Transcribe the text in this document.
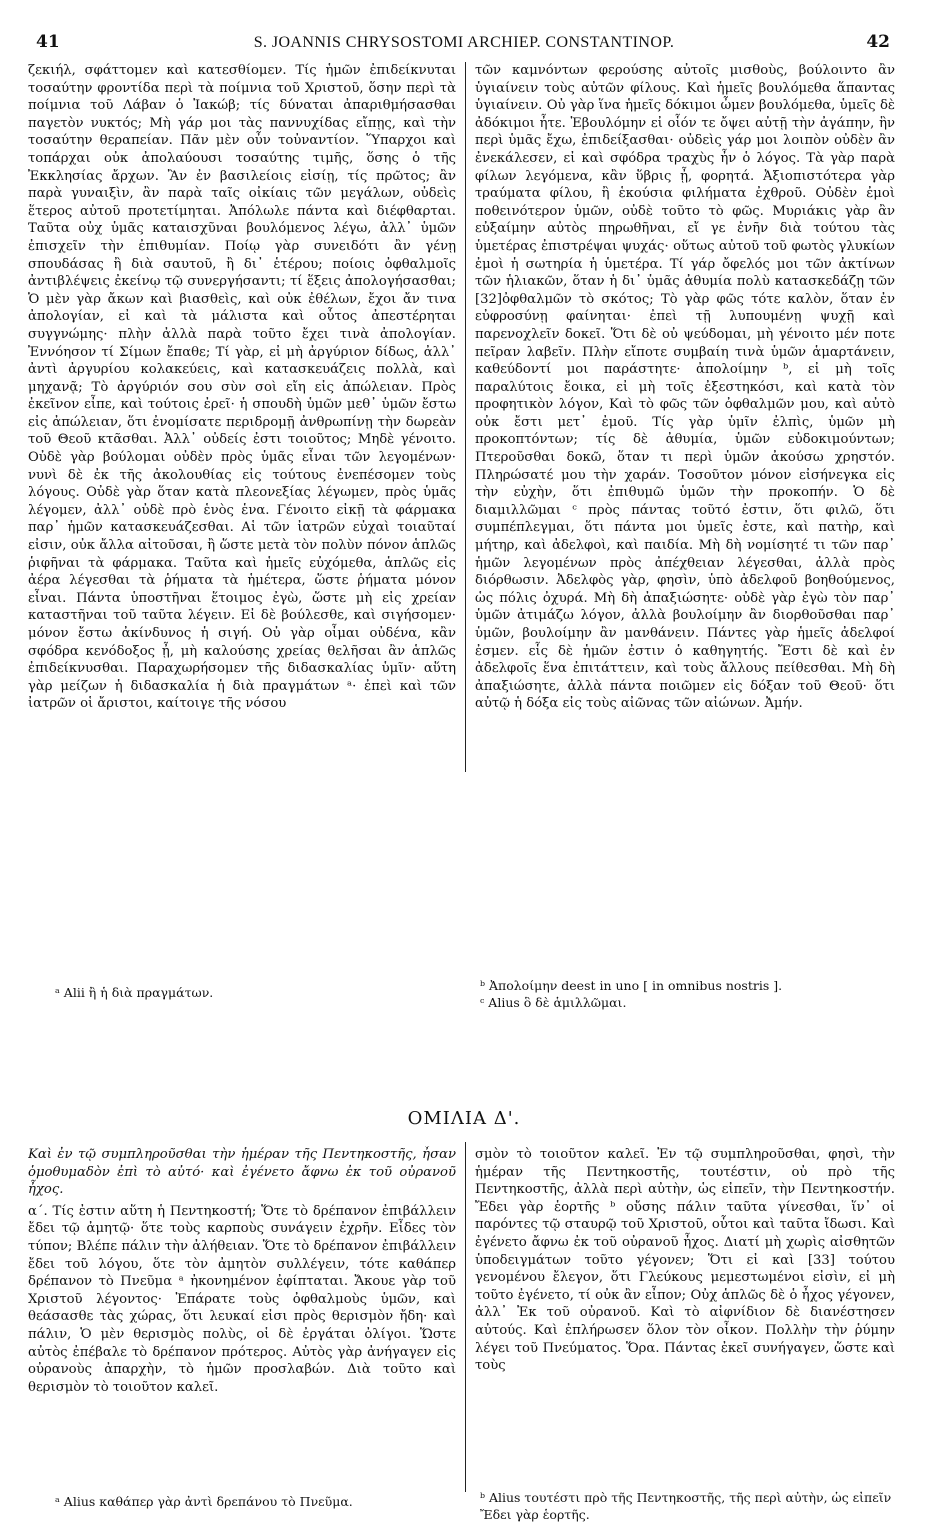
41	S. JOANNIS CHRYSOSTOMI ARCHIEP. CONSTANTINOP.	42

ζεκιήλ, σφάττομεν καὶ κατεσθίομεν. Τίς ἡμῶν ἐπιδείκνυται τοσαύτην φροντίδα περὶ τὰ ποίμνια τοῦ Χριστοῦ, ὅσην περὶ τὰ ποίμνια τοῦ Λάβαν ὁ Ἰακώβ; τίς δύναται ἀπαριθμήσασθαι παγετὸν νυκτός; Μὴ γάρ μοι τὰς παννυχίδας εἴπῃς, καὶ τὴν τοσαύτην θεραπείαν. Πᾶν μὲν οὖν τοὐναντίον. Ὕπαρχοι καὶ τοπάρχαι οὐκ ἀπολαύουσι τοσαύτης τιμῆς, ὅσης ὁ τῆς Ἐκκλησίας ἄρχων. Ἂν ἐν βασιλείοις εἰσίῃ, τίς πρῶτος; ἂν παρὰ γυναιξὶν, ἂν παρὰ ταῖς οἰκίαις τῶν μεγάλων, οὐδεὶς ἕτερος αὐτοῦ προτετίμηται. Ἀπόλωλε πάντα καὶ διέφθαρται. Ταῦτα οὐχ ὑμᾶς καταισχῦναι βουλόμενος λέγω, ἀλλ᾽ ὑμῶν ἐπισχεῖν τὴν ἐπιθυμίαν. Ποίῳ γὰρ συνειδότι ἂν γένῃ σπουδάσας ἢ διὰ σαυτοῦ, ἢ δι᾽ ἑτέρου; ποίοις ὀφθαλμοῖς ἀντιβλέψεις ἐκείνῳ τῷ συνεργήσαντι; τί ἕξεις ἀπολογήσασθαι; Ὁ μὲν γὰρ ἄκων καὶ βιασθεὶς, καὶ οὐκ ἐθέλων, ἔχοι ἄν τινα ἀπολογίαν, εἰ καὶ τὰ μάλιστα καὶ οὗτος ἀπεστέρηται συγγνώμης· πλὴν ἀλλὰ παρὰ τοῦτο ἔχει τινὰ ἀπολογίαν. Ἐννόησον τί Σίμων ἔπαθε; Τί γὰρ, εἰ μὴ ἀργύριον δίδως, ἀλλ᾽ ἀντὶ ἀργυρίου κολακεύεις, καὶ κατασκευάζεις πολλὰ, καὶ μηχανᾷ; Τὸ ἀργύριόν σου σὺν σοὶ εἴη εἰς ἀπώλειαν. Πρὸς ἐκεῖνον εἶπε, καὶ τούτοις ἐρεῖ· ἡ σπουδὴ ὑμῶν μεθ᾽ ὑμῶν ἔστω εἰς ἀπώλειαν, ὅτι ἐνομίσατε περιδρομῇ ἀνθρωπίνῃ τὴν δωρεὰν τοῦ Θεοῦ κτᾶσθαι. Ἀλλ᾽ οὐδείς ἐστι τοιοῦτος; Μηδὲ γένοιτο. Οὐδὲ γὰρ βούλομαι οὐδὲν πρὸς ὑμᾶς εἶναι τῶν λεγομένων· νυνὶ δὲ ἐκ τῆς ἀκολουθίας εἰς τούτους ἐνεπέσομεν τοὺς λόγους. Οὐδὲ γὰρ ὅταν κατὰ πλεονεξίας λέγωμεν, πρὸς ὑμᾶς λέγομεν, ἀλλ᾽ οὐδὲ πρὸ ἑνὸς ἑνα. Γένοιτο εἰκῇ τὰ φάρμακα παρ᾽ ἡμῶν κατασκευάζεσθαι. Αἱ τῶν ἰατρῶν εὐχαὶ τοιαῦταί εἰσιν, οὐκ ἄλλα αἰτοῦσαι, ἢ ὥστε μετὰ τὸν πολὺν πόνον ἁπλῶς ῥιφῆναι τὰ φάρμακα. Ταῦτα καὶ ἡμεῖς εὐχόμεθα, ἁπλῶς εἰς ἀέρα λέγεσθαι τὰ ῥήματα τὰ ἡμέτερα, ὥστε ῥήματα μόνον εἶναι. Πάντα ὑποστῆναι ἕτοιμος ἐγὼ, ὥστε μὴ εἰς χρείαν καταστῆναι τοῦ ταῦτα λέγειν. Εἰ δὲ βούλεσθε, καὶ σιγήσομεν· μόνον ἔστω ἀκίνδυνος ἡ σιγή. Οὐ γὰρ οἶμαι οὐδένα, κἂν σφόδρα κενόδοξος ᾖ, μὴ καλούσης χρείας θελῆσαι ἂν ἁπλῶς ἐπιδείκνυσθαι. Παραχωρήσομεν τῆς διδασκαλίας ὑμῖν· αὕτη γὰρ μείζων ἡ διδασκαλία ἡ διὰ πραγμάτων ᵃ· ἐπεὶ καὶ τῶν ἰατρῶν οἱ ἄριστοι, καίτοιγε τῆς νόσου

τῶν καμνόντων φερούσης αὐτοῖς μισθοὺς, βούλοιντο ἂν ὑγιαίνειν τοὺς αὐτῶν φίλους. Καὶ ἡμεῖς βουλόμεθα ἅπαντας ὑγιαίνειν. Οὐ γὰρ ἵνα ἡμεῖς δόκιμοι ὦμεν βουλόμεθα, ὑμεῖς δὲ ἀδόκιμοι ἦτε. Ἐβουλόμην εἰ οἷόν τε ὄψει αὐτῇ τὴν ἀγάπην, ἣν περὶ ὑμᾶς ἔχω, ἐπιδείξασθαι· οὐδεὶς γάρ μοι λοιπὸν οὐδὲν ἂν ἐνεκάλεσεν, εἰ καὶ σφόδρα τραχὺς ἦν ὁ λόγος. Τὰ γὰρ παρὰ φίλων λεγόμενα, κἂν ὕβρις ᾖ, φορητά. Ἀξιοπιστότερα γὰρ τραύματα φίλου, ἢ ἑκούσια φιλήματα ἐχθροῦ. Οὐδὲν ἐμοὶ ποθεινότερον ὑμῶν, οὐδὲ τοῦτο τὸ φῶς. Μυριάκις γὰρ ἂν εὐξαίμην αὐτὸς πηρωθῆναι, εἴ γε ἐνῆν διὰ τούτου τὰς ὑμετέρας ἐπιστρέψαι ψυχάς· οὕτως αὐτοῦ τοῦ φωτὸς γλυκίων ἐμοὶ ἡ σωτηρία ἡ ὑμετέρα. Τί γάρ ὄφελός μοι τῶν ἀκτίνων τῶν ἡλιακῶν, ὅταν ἡ δι᾽ ὑμᾶς ἀθυμία πολὺ κατασκεδάζῃ τῶν [32]ὀφθαλμῶν τὸ σκότος; Τὸ γὰρ φῶς τότε καλὸν, ὅταν ἐν εὐφροσύνῃ φαίνηται· ἐπεὶ τῇ λυπουμένῃ ψυχῇ καὶ παρενοχλεῖν δοκεῖ. Ὅτι δὲ οὐ ψεύδομαι, μὴ γένοιτο μέν ποτε πεῖραν λαβεῖν. Πλὴν εἴποτε συμβαίη τινὰ ὑμῶν ἁμαρτάνειν, καθεύδοντί μοι παράστητε· ἀπολοίμην ᵇ, εἰ μὴ τοῖς παραλύτοις ἔοικα, εἰ μὴ τοῖς ἐξεστηκόσι, καὶ κατὰ τὸν προφητικὸν λόγον, Καὶ τὸ φῶς τῶν ὀφθαλμῶν μου, καὶ αὐτὸ οὐκ ἔστι μετ᾽ ἐμοῦ. Τίς γὰρ ὑμῖν ἐλπὶς, ὑμῶν μὴ προκοπτόντων; τίς δὲ ἀθυμία, ὑμῶν εὐδοκιμούντων; Πτεροῦσθαι δοκῶ, ὅταν τι περὶ ὑμῶν ἀκούσω χρηστόν. Πληρώσατέ μου τὴν χαράν. Τοσοῦτον μόνον εἰσήνεγκα εἰς τὴν εὐχὴν, ὅτι ἐπιθυμῶ ὑμῶν τὴν προκοπήν. Ὁ δὲ διαμιλλῶμαι ᶜ πρὸς πάντας τοῦτό ἐστιν, ὅτι φιλῶ, ὅτι συμπέπλεγμαι, ὅτι πάντα μοι ὑμεῖς ἐστε, καὶ πατὴρ, καὶ μήτηρ, καὶ ἀδελφοὶ, καὶ παιδία. Μὴ δὴ νομίσητέ τι τῶν παρ᾽ ἡμῶν λεγομένων πρὸς ἀπέχθειαν λέγεσθαι, ἀλλὰ πρὸς διόρθωσιν. Ἀδελφὸς γὰρ, φησὶν, ὑπὸ ἀδελφοῦ βοηθούμενος, ὡς πόλις ὀχυρά. Μὴ δὴ ἀπαξιώσητε· οὐδὲ γὰρ ἐγὼ τὸν παρ᾽ ὑμῶν ἀτιμάζω λόγον, ἀλλὰ βουλοίμην ἂν διορθοῦσθαι παρ᾽ ὑμῶν, βουλοίμην ἂν μανθάνειν. Πάντες γὰρ ἡμεῖς ἀδελφοί ἐσμεν. εἷς δὲ ἡμῶν ἐστιν ὁ καθηγητής. Ἔστι δὲ καὶ ἐν ἀδελφοῖς ἕνα ἐπιτάττειν, καὶ τοὺς ἄλλους πείθεσθαι. Μὴ δὴ ἀπαξιώσητε, ἀλλὰ πάντα ποιῶμεν εἰς δόξαν τοῦ Θεοῦ· ὅτι αὐτῷ ἡ δόξα εἰς τοὺς αἰῶνας τῶν αἰώνων. Ἀμήν.

ᵃ Alii ἢ ἡ διὰ πραγμάτων.	ᵇ Ἀπολοίμην deest in uno [ in omnibus nostris ].
ᶜ Alius ὃ δὲ ἁμιλλῶμαι.
ΟΜΙΛΙΑ Δ'.

Καὶ ἐν τῷ συμπληροῦσθαι τὴν ἡμέραν τῆς Πεντηκοστῆς, ἦσαν ὁμοθυμαδὸν ἐπὶ τὸ αὐτό· καὶ ἐγένετο ἄφνω ἐκ τοῦ οὐρανοῦ ἦχος.

α΄. Τίς ἐστιν αὕτη ἡ Πεντηκοστή; Ὅτε τὸ δρέπανον ἐπιβάλλειν ἔδει τῷ ἀμητῷ· ὅτε τοὺς καρποὺς συνάγειν ἐχρῆν. Εἶδες τὸν τύπον; Βλέπε πάλιν τὴν ἀλήθειαν. Ὅτε τὸ δρέπανον ἐπιβάλλειν ἔδει τοῦ λόγου, ὅτε τὸν ἀμητὸν συλλέγειν, τότε καθάπερ δρέπανον τὸ Πνεῦμα ᵃ ἠκονημένον ἐφίπταται. Ἄκουε γὰρ τοῦ Χριστοῦ λέγοντος· Ἐπάρατε τοὺς ὀφθαλμοὺς ὑμῶν, καὶ θεάσασθε τὰς χώρας, ὅτι λευκαί εἰσι πρὸς θερισμὸν ἤδη· καὶ πάλιν, Ὁ μὲν θερισμὸς πολὺς, οἱ δὲ ἐργάται ὀλίγοι. Ὥστε αὐτὸς ἐπέβαλε τὸ δρέπανον πρότερος. Αὐτὸς γὰρ ἀνήγαγεν εἰς οὐρανοὺς ἀπαρχὴν, τὸ ἡμῶν προσλαβών. Διὰ τοῦτο καὶ θερισμὸν τὸ τοιοῦτον καλεῖ.

σμὸν τὸ τοιοῦτον καλεῖ. Ἐν τῷ συμπληροῦσθαι, φησὶ, τὴν ἡμέραν τῆς Πεντηκοστῆς, τουτέστιν, οὐ πρὸ τῆς Πεντηκοστῆς, ἀλλὰ περὶ αὐτὴν, ὡς εἰπεῖν, τὴν Πεντηκοστήν. Ἔδει γὰρ ἑορτῆς ᵇ οὔσης πάλιν ταῦτα γίνεσθαι, ἵν᾽ οἱ παρόντες τῷ σταυρῷ τοῦ Χριστοῦ, οὗτοι καὶ ταῦτα ἴδωσι. Καὶ ἐγένετο ἄφνω ἐκ τοῦ οὐρανοῦ ἦχος. Διατί μὴ χωρὶς αἰσθητῶν ὑποδειγμάτων τοῦτο γέγονεν; Ὅτι εἰ καὶ [33] τούτου γενομένου ἔλεγον, ὅτι Γλεύκους μεμεστωμένοι εἰσὶν, εἰ μὴ τοῦτο ἐγένετο, τί οὐκ ἂν εἶπον; Οὐχ ἁπλῶς δὲ ὁ ἦχος γέγονεν, ἀλλ᾽ Ἐκ τοῦ οὐρανοῦ. Καὶ τὸ αἰφνίδιον δὲ διανέστησεν αὐτούς. Καὶ ἐπλήρωσεν ὅλον τὸν οἶκον. Πολλὴν τὴν ῥύμην λέγει τοῦ Πνεύματος. Ὅρα. Πάντας ἐκεῖ συνήγαγεν, ὥστε καὶ τοὺς

ᵃ Alius καθάπερ γὰρ ἀντὶ δρεπάνου τὸ Πνεῦμα.	ᵇ Alius τουτέστι πρὸ τῆς Πεντηκοστῆς, τῆς περὶ αὐτὴν, ὡς εἰπεῖν Ἔδει γὰρ ἑορτῆς.
